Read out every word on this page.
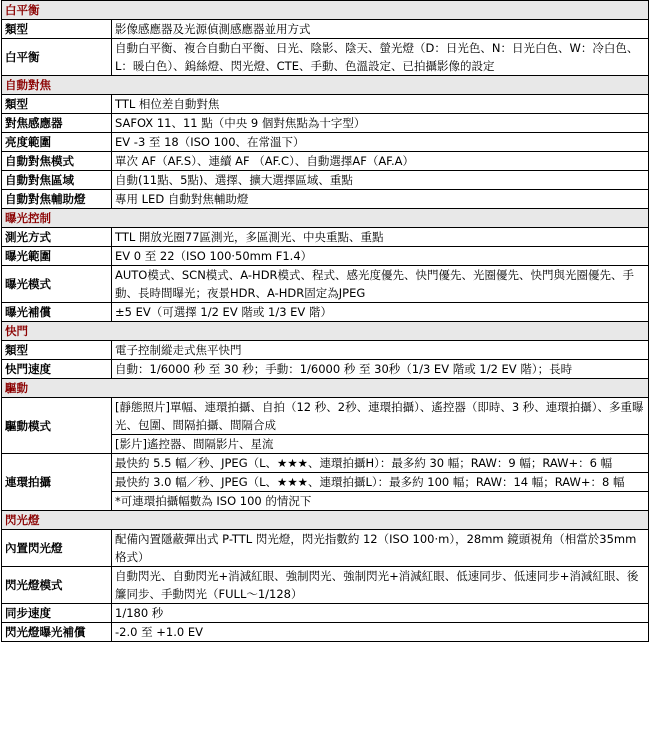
白平衡	
類型	影像感應器及光源偵測感應器並用方式

白平衡	自動白平衡、複合自動白平衡、日光、陰影、陰天、螢光燈（D：日光色、N：日光白色、W：冷白色、L：暖白色）、鎢絲燈、閃光燈、CTE、手動、色溫設定、已拍攝影像的設定

自動對焦	
類型	TTL 相位差自動對焦

對焦感應器	SAFOX 11、11 點（中央 9 個對焦點為十字型）

亮度範圍	EV -3 至 18（ISO 100、在常溫下）

自動對焦模式	單次 AF（AF.S）、連續 AF （AF.C）、自動選擇AF（AF.A）

自動對焦區域	自動(11點、5點)、選擇、擴大選擇區域、重點

自動對焦輔助燈	專用 LED 自動對焦輔助燈

曝光控制	
測光方式	TTL 開放光圈77區測光，多區測光、中央重點、重點

曝光範圍	EV 0 至 22（ISO 100·50mm F1.4）

曝光模式	AUTO模式、SCN模式、A-HDR模式、程式、感光度優先、快門優先、光圈優先、快門與光圈優先、手動、長時間曝光；夜景HDR、A-HDR固定為JPEG

曝光補償	±5 EV（可選擇 1/2 EV 階或 1/3 EV 階）

快門	
類型	電子控制縱走式焦平快門

快門速度	自動：1/6000 秒 至 30 秒；手動：1/6000 秒 至 30秒（1/3 EV 階或 1/2 EV 階）；長時

驅動	
驅動模式	[靜態照片]單幅、連環拍攝、自拍（12 秒、2秒、連環拍攝）、遙控器（即時、3 秒、連環拍攝）、多重曝光、包圍、間隔拍攝、間隔合成
[影片]遙控器、間隔影片、星流

連環拍攝	最快約 5.5 幅／秒、JPEG（L、★★★、連環拍攝H）：最多約 30 幅；RAW：9 幅；RAW+：6 幅
最快約 3.0 幅／秒、JPEG（L、★★★、連環拍攝L）：最多約 100 幅；RAW：14 幅；RAW+：8 幅
*可連環拍攝幅數為 ISO 100 的情況下

閃光燈	
內置閃光燈	配備內置隱蔽彈出式 P-TTL 閃光燈，閃光指數約 12（ISO 100·m），28mm 鏡頭視角（相當於35mm 格式）

閃光燈模式	自動閃光、自動閃光+消減紅眼、強制閃光、強制閃光+消減紅眼、低速同步、低速同步+消減紅眼、後簾同步、手動閃光（FULL～1/128）

同步速度	1/180 秒

閃光燈曝光補償	-2.0 至 +1.0 EV
